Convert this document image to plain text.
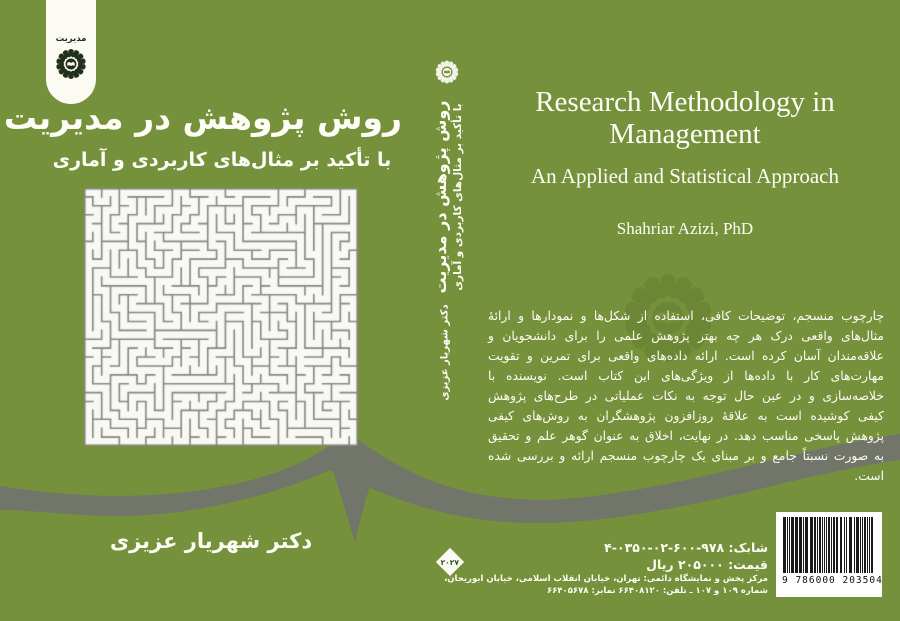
مدیریت
روش پژوهش در مدیریت
با تأکید بر مثال‌های کاربردی و آماری
دکتر شهریار عزیزی
روش پژوهش در مدیریت با تأکید بر مثال‌های کاربردی و آماری
دکتر شهریار عزیزی
۲۰۲۷
Research Methodology in Management
An Applied and Statistical Approach
Shahriar Azizi, PhD
چارچوب منسجم، توضیحات کافی، استفاده از شکل‌ها و نمودارها و ارائهٔ مثال‌های واقعی درک هر چه بهتر پژوهش علمی را برای دانشجویان و علاقه‌مندان آسان کرده است. ارائه داده‌های واقعی برای تمرین و تقویت مهارت‌های کار با داده‌ها از ویژگی‌های این کتاب است. نویسنده با خلاصه‌سازی و در عین حال توجه به نکات عملیاتی در طرح‌های پژوهش کیفی کوشیده است به علاقهٔ روزافزون پژوهشگران به روش‌های کیفی پژوهش پاسخی مناسب دهد. در نهایت، اخلاق به عنوان گوهر علم و تحقیق به صورت نسبتاً جامع و بر مبنای یک چارچوب منسجم ارائه و بررسی شده است.
شابک: ۹۷۸-۶۰۰-۰۲-۰۳۵۰-۴
قیمت: ۲۰۵۰۰۰ ریال
مرکز پخش و نمایشگاه دائمی: تهران، خیابان انقلاب اسلامی، خیابان ابوریحان،
شماره ۱۰۹ و ۱۰۷ ـ تلفن: ۶۶۴۰۸۱۲۰ نمابر: ۶۶۴۰۵۶۷۸
9 786000 203504
